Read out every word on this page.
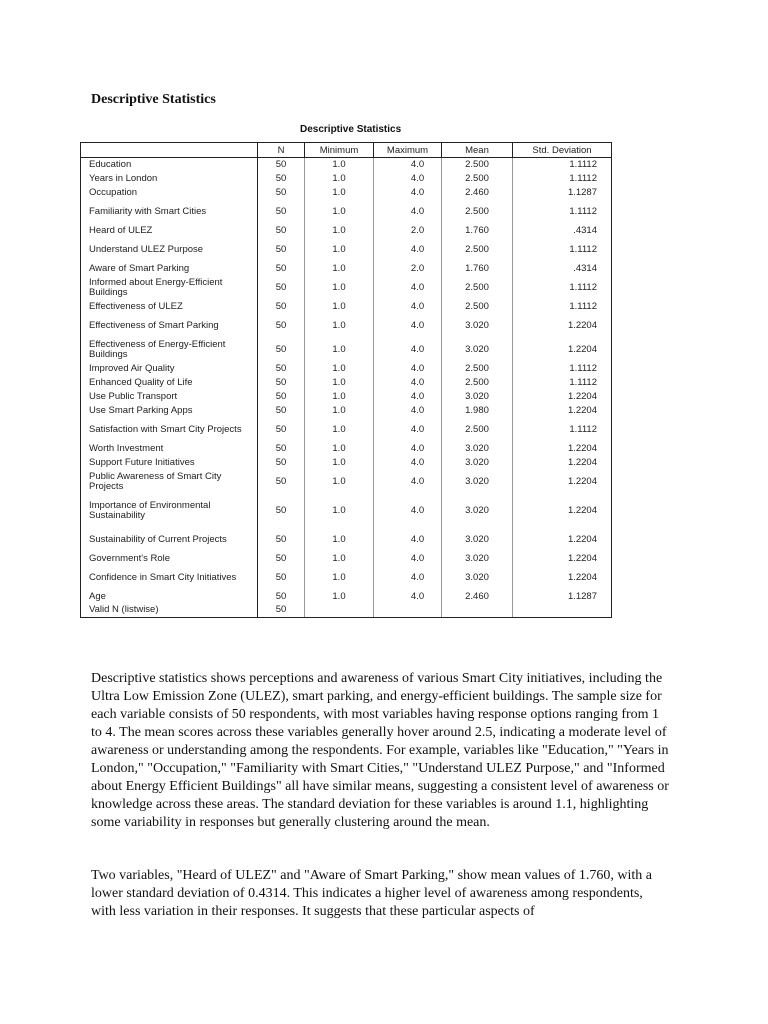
Descriptive Statistics
Descriptive Statistics
	N	Minimum	Maximum	Mean	Std. Deviation
Education	50	1.0	4.0	2.500	1.1112
Years in London	50	1.0	4.0	2.500	1.1112
Occupation	50	1.0	4.0	2.460	1.1287
Familiarity with Smart Cities	50	1.0	4.0	2.500	1.1112
Heard of ULEZ	50	1.0	2.0	1.760	.4314
Understand ULEZ Purpose	50	1.0	4.0	2.500	1.1112
Aware of Smart Parking	50	1.0	2.0	1.760	.4314
Informed about Energy-Efficient Buildings	50	1.0	4.0	2.500	1.1112
Effectiveness of ULEZ	50	1.0	4.0	2.500	1.1112
Effectiveness of Smart Parking	50	1.0	4.0	3.020	1.2204
Effectiveness of Energy-Efficient Buildings	50	1.0	4.0	3.020	1.2204
Improved Air Quality	50	1.0	4.0	2.500	1.1112
Enhanced Quality of Life	50	1.0	4.0	2.500	1.1112
Use Public Transport	50	1.0	4.0	3.020	1.2204
Use Smart Parking Apps	50	1.0	4.0	1.980	1.2204
Satisfaction with Smart City Projects	50	1.0	4.0	2.500	1.1112
Worth Investment	50	1.0	4.0	3.020	1.2204
Support Future Initiatives	50	1.0	4.0	3.020	1.2204
Public Awareness of Smart City Projects	50	1.0	4.0	3.020	1.2204
Importance of Environmental Sustainability	50	1.0	4.0	3.020	1.2204
Sustainability of Current Projects	50	1.0	4.0	3.020	1.2204
Government's Role	50	1.0	4.0	3.020	1.2204
Confidence in Smart City Initiatives	50	1.0	4.0	3.020	1.2204
Age	50	1.0	4.0	2.460	1.1287
Valid N (listwise)	50				

Descriptive statistics shows perceptions and awareness of various Smart City initiatives, including the Ultra Low Emission Zone (ULEZ), smart parking, and energy-efficient buildings. The sample size for each variable consists of 50 respondents, with most variables having response options ranging from 1 to 4. The mean scores across these variables generally hover around 2.5, indicating a moderate level of awareness or understanding among the respondents. For example, variables like "Education," "Years in London," "Occupation," "Familiarity with Smart Cities," "Understand ULEZ Purpose," and "Informed about Energy Efficient Buildings" all have similar means, suggesting a consistent level of awareness or knowledge across these areas. The standard deviation for these variables is around 1.1, highlighting some variability in responses but generally clustering around the mean.

Two variables, "Heard of ULEZ" and "Aware of Smart Parking," show mean values of 1.760, with a lower standard deviation of 0.4314. This indicates a higher level of awareness among respondents, with less variation in their responses. It suggests that these particular aspects of
